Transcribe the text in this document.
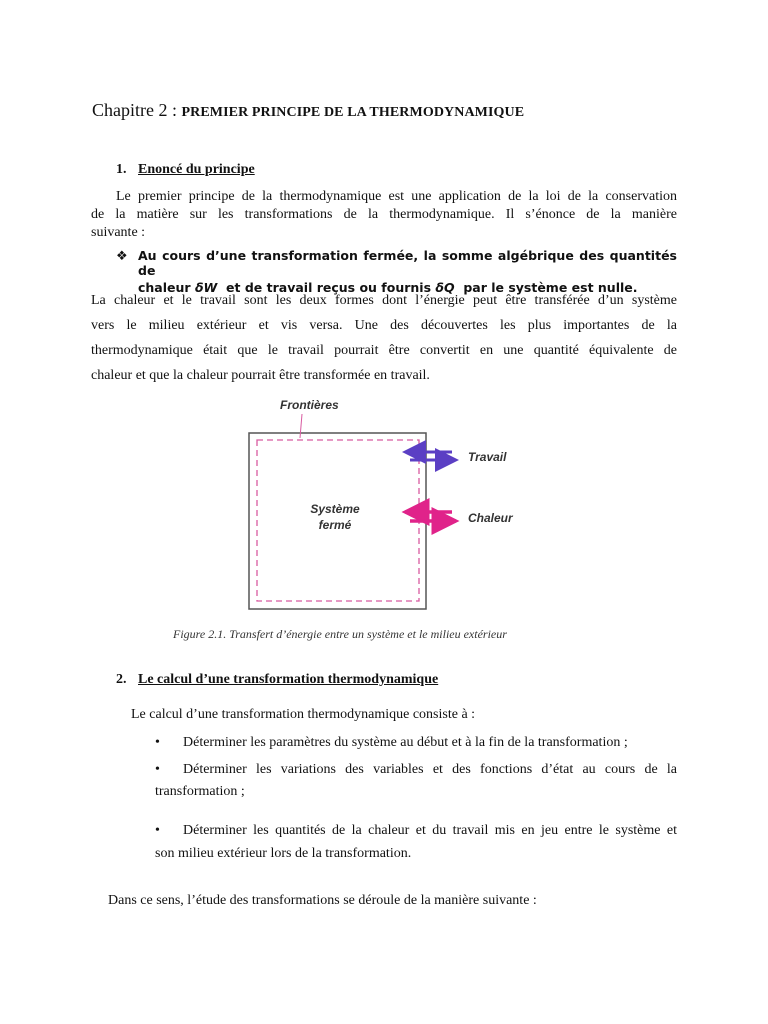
Chapitre 2 : PREMIER PRINCIPE DE LA THERMODYNAMIQUE
1. Enoncé du principe
Le premier principe de la thermodynamique est une application de la loi de la conservation
de la matière sur les transformations de la thermodynamique. Il s’énonce de la manière
suivante :
❖ Au cours d’une transformation fermée, la somme algébrique des quantités de
chaleur δW et de travail reçus ou fournis δQ par le système est nulle.
La chaleur et le travail sont les deux formes dont l’énergie peut être transférée d’un système
vers le milieu extérieur et vis versa. Une des découvertes les plus importantes de la
thermodynamique était que le travail pourrait être convertit en une quantité équivalente de
chaleur et que la chaleur pourrait être transformée en travail.
Frontières
Système
fermé
Travail
Chaleur
Figure 2.1. Transfert d’énergie entre un système et le milieu extérieur
2. Le calcul d’une transformation thermodynamique
Le calcul d’une transformation thermodynamique consiste à :
• Déterminer les paramètres du système au début et à la fin de la transformation ;
•	Déterminer les variations des variables et des fonctions d’état au cours de la
transformation ;
•	Déterminer les quantités de la chaleur et du travail mis en jeu entre le système et
son milieu extérieur lors de la transformation.
Dans ce sens, l’étude des transformations se déroule de la manière suivante :
